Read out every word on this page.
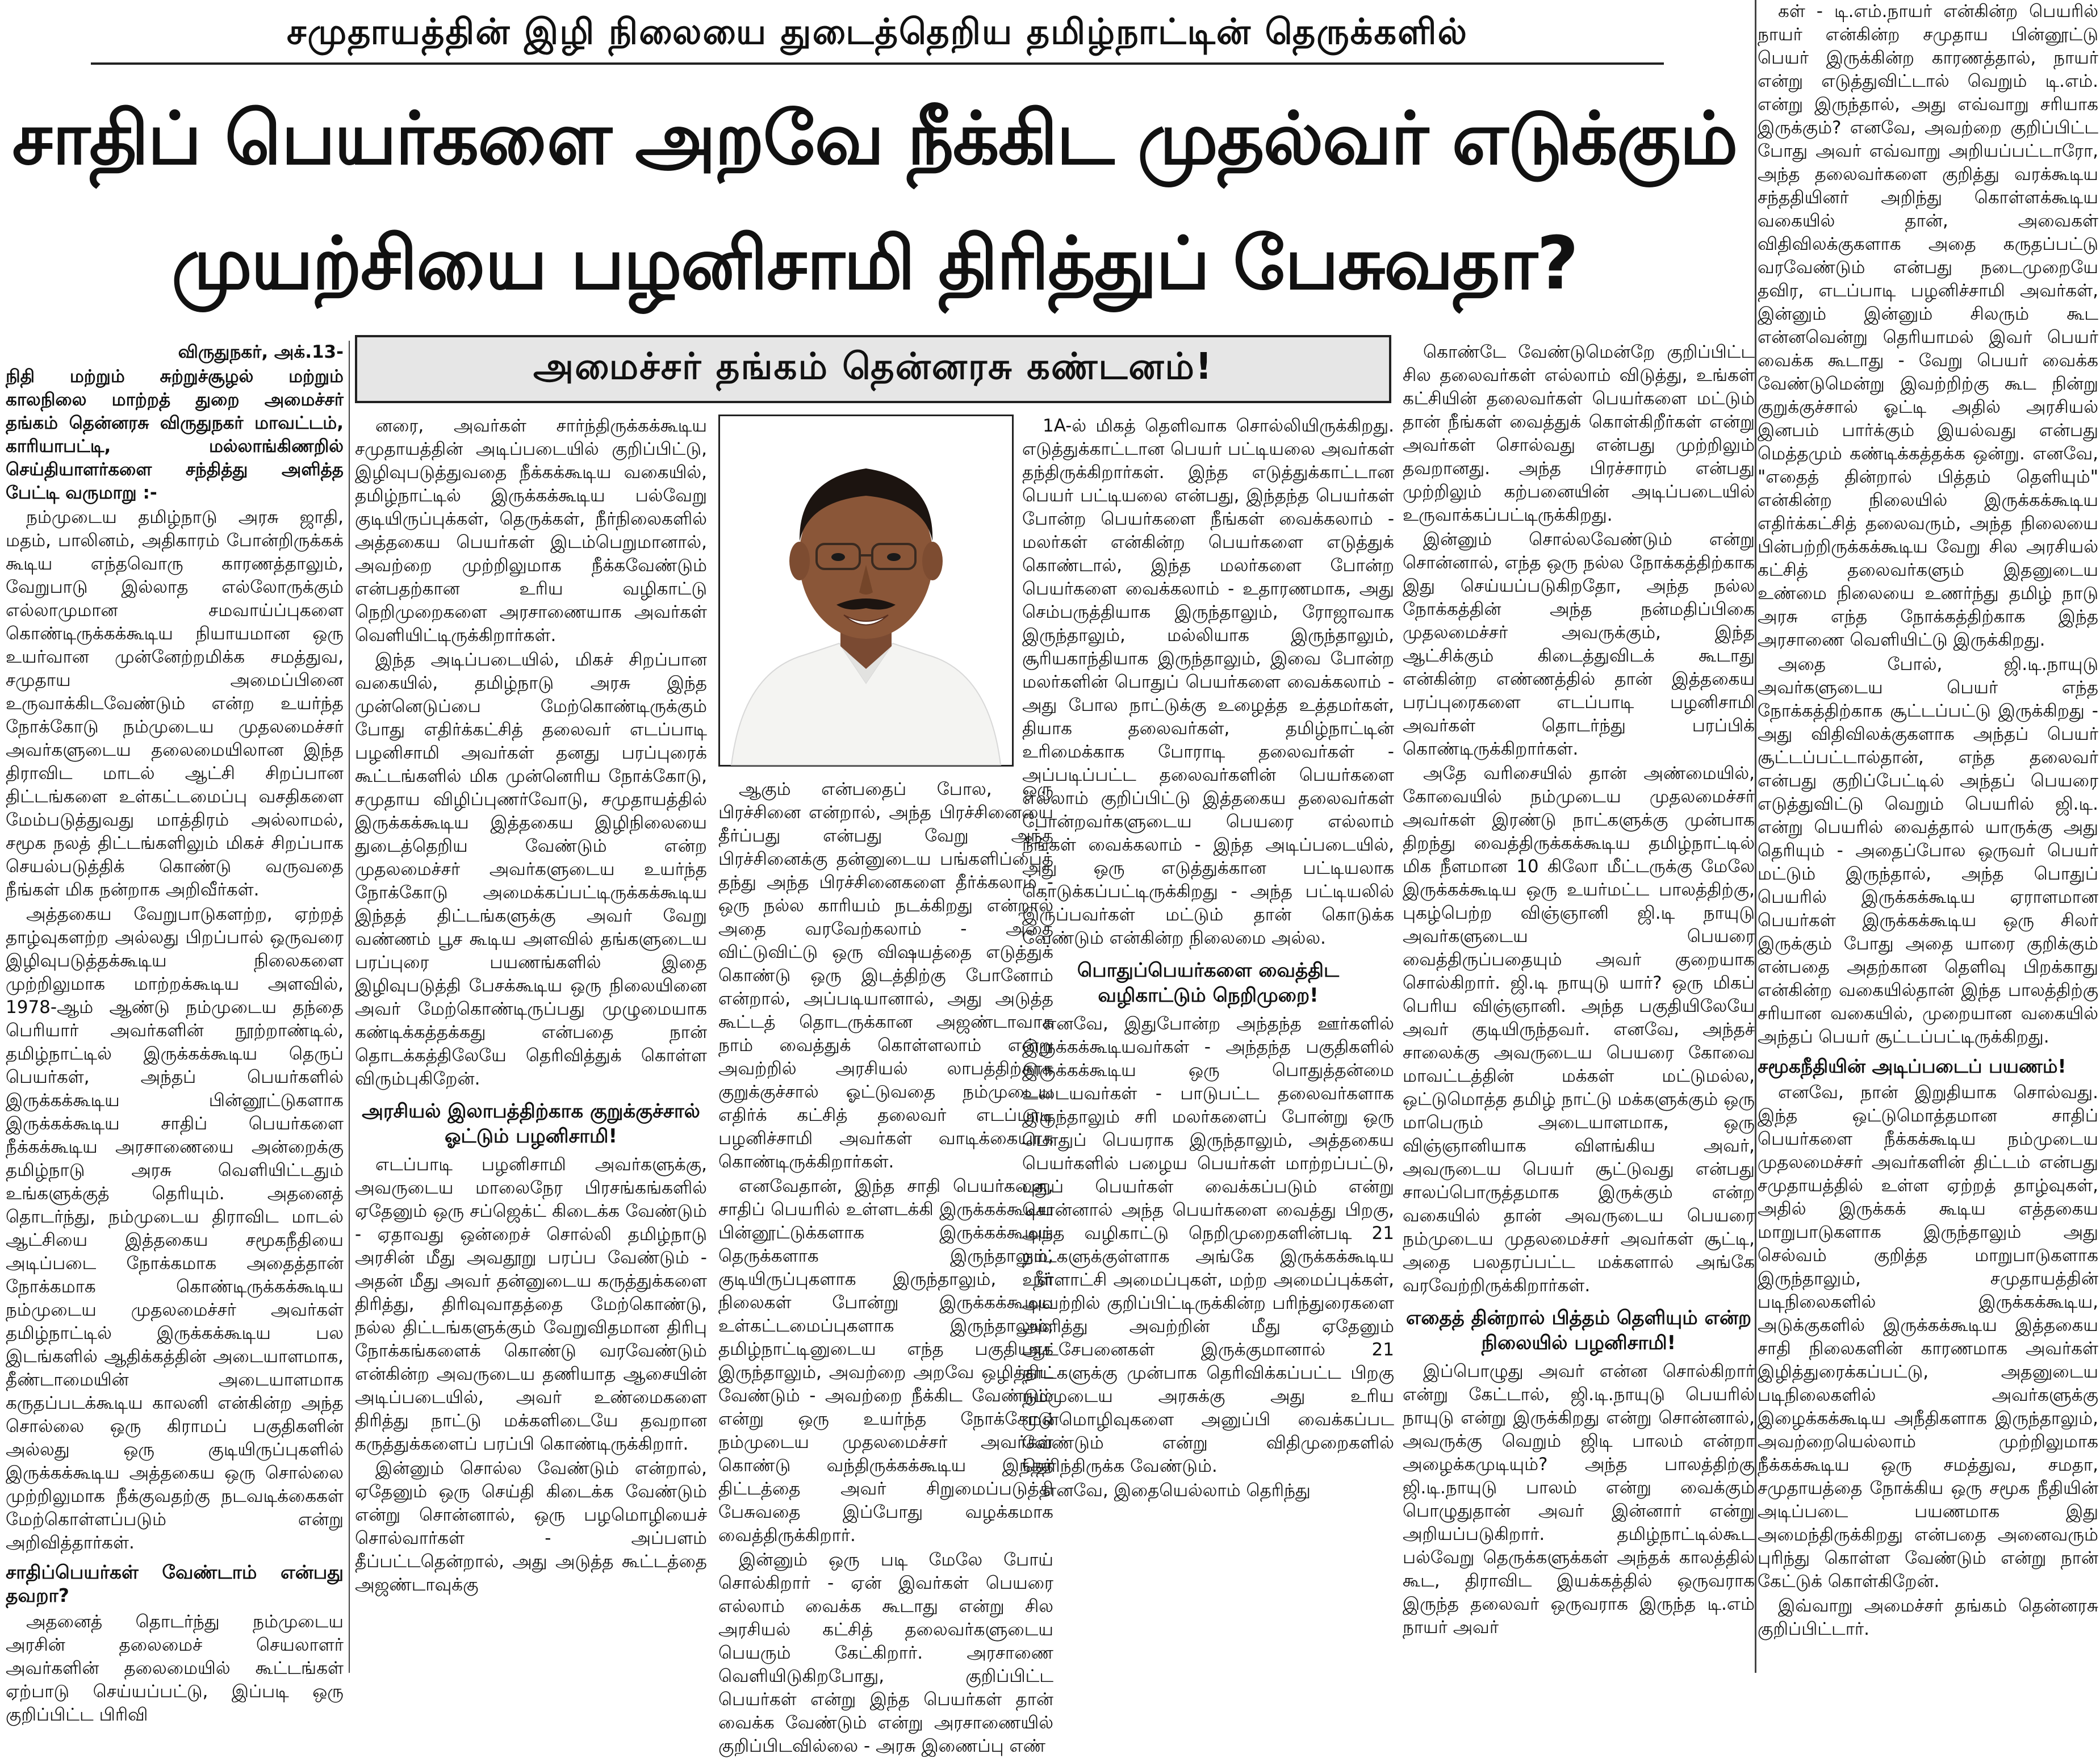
சமுதாயத்தின் இழி நிலையை துடைத்தெறிய தமிழ்நாட்டின் தெருக்களில்
சாதிப் பெயர்களை அறவே நீக்கிட முதல்வர் எடுக்கும்
முயற்சியை பழனிசாமி திரித்துப் பேசுவதா?
அமைச்சர் தங்கம் தென்னரசு கண்டனம்!

விருதுநகர், அக்.13-

நிதி மற்றும் சுற்றுச்சூழல் மற்றும் காலநிலை மாற்றத் துறை அமைச்சர் தங்கம் தென்னரசு விருதுநகர் மாவட்டம், காரியாபட்டி, மல்லாங்கிணறில் செய்தியாளர்களை சந்தித்து அளித்த பேட்டி வருமாறு :-

நம்முடைய தமிழ்நாடு அரசு ஜாதி, மதம், பாலினம், அதிகாரம் போன்றிருக்கக் கூடிய எந்தவொரு காரணத்தாலும், வேறுபாடு இல்லாத எல்லோருக்கும் எல்லாமுமான சமவாய்ப்புகளை கொண்டிருக்கக்கூடிய நியாயமான ஒரு உயர்வான முன்னேற்றமிக்க சமத்துவ, சமுதாய அமைப்பினை உருவாக்கிடவேண்டும் என்ற உயர்ந்த நோக்கோடு நம்முடைய முதலமைச்சர் அவர்களுடைய தலைமையிலான இந்த திராவிட மாடல் ஆட்சி சிறப்பான திட்டங்களை உள்கட்டமைப்பு வசதிகளை மேம்படுத்துவது மாத்திரம் அல்லாமல், சமூக நலத் திட்டங்களிலும் மிகச் சிறப்பாக செயல்படுத்திக் கொண்டு வருவதை நீங்கள் மிக நன்றாக அறிவீர்கள்.

அத்தகைய வேறுபாடுகளற்ற, ஏற்றத் தாழ்வுகளற்ற அல்லது பிறப்பால் ஒருவரை இழிவுபடுத்தக்கூடிய நிலைகளை முற்றிலுமாக மாற்றக்கூடிய அளவில், 1978-ஆம் ஆண்டு நம்முடைய தந்தை பெரியார் அவர்களின் நூற்றாண்டில், தமிழ்நாட்டில் இருக்கக்கூடிய தெருப் பெயர்கள், அந்தப் பெயர்களில் இருக்கக்கூடிய பின்னூட்டுகளாக இருக்கக்கூடிய சாதிப் பெயர்களை நீக்கக்கூடிய அரசாணையை அன்றைக்கு தமிழ்நாடு அரசு வெளியிட்டதும் உங்களுக்குத் தெரியும். அதனைத் தொடர்ந்து, நம்முடைய திராவிட மாடல் ஆட்சியை இத்தகைய சமூகநீதியை அடிப்படை நோக்கமாக அதைத்தான் நோக்கமாக கொண்டிருக்கக்கூடிய நம்முடைய முதலமைச்சர் அவர்கள் தமிழ்நாட்டில் இருக்கக்கூடிய பல இடங்களில் ஆதிக்கத்தின் அடையாளமாக, தீண்டாமையின் அடையாளமாக கருதப்படக்கூடிய காலனி என்கின்ற அந்த சொல்லை ஒரு கிராமப் பகுதிகளின் அல்லது ஒரு குடியிருப்புகளில் இருக்கக்கூடிய அத்தகைய ஒரு சொல்லை முற்றிலுமாக நீக்குவதற்கு நடவடிக்கைகள் மேற்கொள்ளப்படும் என்று அறிவித்தார்கள்.

சாதிப்பெயர்கள் வேண்டாம் என்பது தவறா?

அதனைத் தொடர்ந்து நம்முடைய அரசின் தலைமைச் செயலாளர் அவர்களின் தலைமையில் கூட்டங்கள் ஏற்பாடு செய்யப்பட்டு, இப்படி ஒரு குறிப்பிட்ட பிரிவி

னரை, அவர்கள் சார்ந்திருக்கக்கூடிய சமுதாயத்தின் அடிப்படையில் குறிப்பிட்டு, இழிவுபடுத்துவதை நீக்கக்கூடிய வகையில், தமிழ்நாட்டில் இருக்கக்கூடிய பல்வேறு குடியிருப்புக்கள், தெருக்கள், நீர்நிலைகளில் அத்தகைய பெயர்கள் இடம்பெறுமானால், அவற்றை முற்றிலுமாக நீக்கவேண்டும் என்பதற்கான உரிய வழிகாட்டு நெறிமுறைகளை அரசாணையாக அவர்கள் வெளியிட்டிருக்கிறார்கள்.

இந்த அடிப்படையில், மிகச் சிறப்பான வகையில், தமிழ்நாடு அரசு இந்த முன்னெடுப்பை மேற்கொண்டிருக்கும் போது எதிர்க்கட்சித் தலைவர் எடப்பாடி பழனிசாமி அவர்கள் தனது பரப்புரைக் கூட்டங்களில் மிக முன்னெரிய நோக்கோடு, சமுதாய விழிப்புணர்வோடு, சமுதாயத்தில் இருக்கக்கூடிய இத்தகைய இழிநிலையை துடைத்தெறிய வேண்டும் என்ற முதலமைச்சர் அவர்களுடைய உயர்ந்த நோக்கோடு அமைக்கப்பட்டிருக்கக்கூடிய இந்தத் திட்டங்களுக்கு அவர் வேறு வண்ணம் பூச கூடிய அளவில் தங்களுடைய பரப்புரை பயணங்களில் இதை இழிவுபடுத்தி பேசக்கூடிய ஒரு நிலையினை அவர் மேற்கொண்டிருப்பது முழுமையாக கண்டிக்கத்தக்கது என்பதை நான் தொடக்கத்திலேயே தெரிவித்துக் கொள்ள விரும்புகிறேன்.

அரசியல் இலாபத்திற்காக குறுக்குச்சால் ஓட்டும் பழனிசாமி!

எடப்பாடி பழனிசாமி அவர்களுக்கு, அவருடைய மாலைநேர பிரசங்கங்களில் ஏதேனும் ஒரு சப்ஜெக்ட் கிடைக்க வேண்டும் - ஏதாவது ஒன்றைச் சொல்லி தமிழ்நாடு அரசின் மீது அவதூறு பரப்ப வேண்டும் - அதன் மீது அவர் தன்னுடைய கருத்துக்களை திரித்து, திரிவுவாதத்தை மேற்கொண்டு, நல்ல திட்டங்களுக்கும் வேறுவிதமான திரிபு நோக்கங்களைக் கொண்டு வரவேண்டும் என்கின்ற அவருடைய தணியாத ஆசையின் அடிப்படையில், அவர் உண்மைகளை திரித்து நாட்டு மக்களிடையே தவறான கருத்துக்களைப் பரப்பி கொண்டிருக்கிறார்.

இன்னும் சொல்ல வேண்டும் என்றால், ஏதேனும் ஒரு செய்தி கிடைக்க வேண்டும் என்று சொன்னால், ஒரு பழமொழியைச் சொல்வார்கள் - அப்பளம் தீப்பட்டதென்றால், அது அடுத்த கூட்டத்தை அஜண்டாவுக்கு

ஆகும் என்பதைப் போல, ஒரு பிரச்சினை என்றால், அந்த பிரச்சினையை தீர்ப்பது என்பது வேறு அந்த பிரச்சினைக்கு தன்னுடைய பங்களிப்பைத் தந்து அந்த பிரச்சினைகளை தீர்க்கலாம் - ஒரு நல்ல காரியம் நடக்கிறது என்றால் அதை வரவேற்கலாம் - அதை விட்டுவிட்டு ஒரு விஷயத்தை எடுத்துக் கொண்டு ஒரு இடத்திற்கு போனோம் என்றால், அப்படியானால், அது அடுத்த கூட்டத் தொடருக்கான அஜண்டாவாக நாம் வைத்துக் கொள்ளலாம் என்று அவற்றில் அரசியல் லாபத்திற்காக குறுக்குச்சால் ஓட்டுவதை நம்முடைய எதிர்க் கட்சித் தலைவர் எடப்பாடி பழனிச்சாமி அவர்கள் வாடிக்கையாக கொண்டிருக்கிறார்கள்.

எனவேதான், இந்த சாதி பெயர்களை, சாதிப் பெயரில் உள்ளடக்கி இருக்கக்கூடிய பின்னூட்டுக்களாக இருக்கக்கூடிய தெருக்களாக இருந்தாலும், குடியிருப்புகளாக இருந்தாலும், நீர் நிலைகள் போன்று இருக்கக்கூடிய உள்கட்டமைப்புகளாக இருந்தாலும், தமிழ்நாட்டினுடைய எந்த பகுதியாக இருந்தாலும், அவற்றை அறவே ஒழித்திட வேண்டும் - அவற்றை நீக்கிட வேண்டும் என்று ஒரு உயர்ந்த நோக்கோடு நம்முடைய முதலமைச்சர் அவர்கள் கொண்டு வந்திருக்கக்கூடிய இந்தத் திட்டத்தை அவர் சிறுமைப்படுத்தி பேசுவதை இப்போது வழக்கமாக வைத்திருக்கிறார்.

இன்னும் ஒரு படி மேலே போய் சொல்கிறார் - ஏன் இவர்கள் பெயரை எல்லாம் வைக்க கூடாது என்று சில அரசியல் கட்சித் தலைவர்களுடைய பெயரும் கேட்கிறார். அரசாணை வெளியிடுகிறபோது, குறிப்பிட்ட பெயர்கள் என்று இந்த பெயர்கள் தான் வைக்க வேண்டும் என்று அரசாணையில் குறிப்பிடவில்லை - அரசு இணைப்பு எண்

1A-ல் மிகத் தெளிவாக சொல்லியிருக்கிறது. எடுத்துக்காட்டான பெயர் பட்டியலை அவர்கள் தந்திருக்கிறார்கள். இந்த எடுத்துக்காட்டான பெயர் பட்டியலை என்பது, இந்தந்த பெயர்கள் போன்ற பெயர்களை நீங்கள் வைக்கலாம் - மலர்கள் என்கின்ற பெயர்களை எடுத்துக் கொண்டால், இந்த மலர்களை போன்ற பெயர்களை வைக்கலாம் - உதாரணமாக, அது செம்பருத்தியாக இருந்தாலும், ரோஜாவாக இருந்தாலும், மல்லியாக இருந்தாலும், சூரியகாந்தியாக இருந்தாலும், இவை போன்ற மலர்களின் பொதுப் பெயர்களை வைக்கலாம் - அது போல நாட்டுக்கு உழைத்த உத்தமர்கள், தியாக தலைவர்கள், தமிழ்நாட்டின் உரிமைக்காக போராடி தலைவர்கள் - அப்படிப்பட்ட தலைவர்களின் பெயர்களை எல்லாம் குறிப்பிட்டு இத்தகைய தலைவர்கள் போன்றவர்களுடைய பெயரை எல்லாம் நீங்கள் வைக்கலாம் - இந்த அடிப்படையில், அது ஒரு எடுத்துக்கான பட்டியலாக கொடுக்கப்பட்டிருக்கிறது - அந்த பட்டியலில் இருப்பவர்கள் மட்டும் தான் கொடுக்க வேண்டும் என்கின்ற நிலைமை அல்ல.

பொதுப்பெயர்களை வைத்திட வழிகாட்டும் நெறிமுறை!

எனவே, இதுபோன்ற அந்தந்த ஊர்களில் இருக்கக்கூடியவர்கள் - அந்தந்த பகுதிகளில் இருக்கக்கூடிய ஒரு பொதுத்தன்மை உடையவர்கள் - பாடுபட்ட தலைவர்களாக இருந்தாலும் சரி மலர்களைப் போன்று ஒரு பொதுப் பெயராக இருந்தாலும், அத்தகைய பெயர்களில் பழைய பெயர்கள் மாற்றப்பட்டு, புதுப் பெயர்கள் வைக்கப்படும் என்று சொன்னால் அந்த பெயர்களை வைத்து பிறகு, அந்த வழிகாட்டு நெறிமுறைகளின்படி 21 நாட்களுக்குள்ளாக அங்கே இருக்கக்கூடிய உள்ளாட்சி அமைப்புகள், மற்ற அமைப்புக்கள், அவற்றில் குறிப்பிட்டிருக்கின்ற பரிந்துரைகளை அளித்து அவற்றின் மீது ஏதேனும் ஆட்சேபனைகள் இருக்குமானால் 21 நாட்களுக்கு முன்பாக தெரிவிக்கப்பட்ட பிறகு நம்முடைய அரசுக்கு அது உரிய முன்மொழிவுகளை அனுப்பி வைக்கப்பட வேண்டும் என்று விதிமுறைகளில் தெரிந்திருக்க வேண்டும்.

எனவே, இதையெல்லாம் தெரிந்து

கொண்டே வேண்டுமென்றே குறிப்பிட்ட சில தலைவர்கள் எல்லாம் விடுத்து, உங்கள் கட்சியின் தலைவர்கள் பெயர்களை மட்டும் தான் நீங்கள் வைத்துக் கொள்கிறீர்கள் என்று அவர்கள் சொல்வது என்பது முற்றிலும் தவறானது. அந்த பிரச்சாரம் என்பது முற்றிலும் கற்பனையின் அடிப்படையில் உருவாக்கப்பட்டிருக்கிறது.

இன்னும் சொல்லவேண்டும் என்று சொன்னால், எந்த ஒரு நல்ல நோக்கத்திற்காக இது செய்யப்படுகிறதோ, அந்த நல்ல நோக்கத்தின் அந்த நன்மதிப்பிகை முதலமைச்சர் அவருக்கும், இந்த ஆட்சிக்கும் கிடைத்துவிடக் கூடாது என்கின்ற எண்ணத்தில் தான் இத்தகைய பரப்புரைகளை எடப்பாடி பழனிசாமி அவர்கள் தொடர்ந்து பரப்பிக் கொண்டிருக்கிறார்கள்.

அதே வரிசையில் தான் அண்மையில், கோவையில் நம்முடைய முதலமைச்சர் அவர்கள் இரண்டு நாட்களுக்கு முன்பாக திறந்து வைத்திருக்கக்கூடிய தமிழ்நாட்டில் மிக நீளமான 10 கிலோ மீட்டருக்கு மேலே இருக்கக்கூடிய ஒரு உயர்மட்ட பாலத்திற்கு, புகழ்பெற்ற விஞ்ஞானி ஜி.டி நாயுடு அவர்களுடைய பெயரை வைத்திருப்பதையும் அவர் குறையாக சொல்கிறார். ஜி.டி நாயுடு யார்? ஒரு மிகப் பெரிய விஞ்ஞானி. அந்த பகுதியிலேயே அவர் குடியிருந்தவர். எனவே, அந்தச் சாலைக்கு அவருடைய பெயரை கோவை மாவட்டத்தின் மக்கள் மட்டுமல்ல, ஒட்டுமொத்த தமிழ் நாட்டு மக்களுக்கும் ஒரு மாபெரும் அடையாளமாக, ஒரு விஞ்ஞானியாக விளங்கிய அவர், அவருடைய பெயர் சூட்டுவது என்பது சாலப்பொருத்தமாக இருக்கும் என்ற வகையில் தான் அவருடைய பெயரை நம்முடைய முதலமைச்சர் அவர்கள் சூட்டி, அதை பலதரப்பட்ட மக்களால் அங்கே வரவேற்றிருக்கிறார்கள்.

எதைத் தின்றால் பித்தம் தெளியும் என்ற நிலையில் பழனிசாமி!

இப்பொழுது அவர் என்ன சொல்கிறார் என்று கேட்டால், ஜி.டி.நாயுடு பெயரில் நாயுடு என்று இருக்கிறது என்று சொன்னால், அவருக்கு வெறும் ஜிடி பாலம் என்றா அழைக்கமுடியும்? அந்த பாலத்திற்கு ஜி.டி.நாயுடு பாலம் என்று வைக்கும் பொழுதுதான் அவர் இன்னார் என்று அறியப்படுகிறார். தமிழ்நாட்டில்கூட பல்வேறு தெருக்களுக்கள் அந்தக் காலத்தில் கூட, திராவிட இயக்கத்தில் ஒருவராக இருந்த தலைவர் ஒருவராக இருந்த டி.எம் நாயர் அவர்

கள் - டி.எம்.நாயர் என்கின்ற பெயரில் நாயர் என்கின்ற சமுதாய பின்னூட்டு பெயர் இருக்கின்ற காரணத்தால், நாயர் என்று எடுத்துவிட்டால் வெறும் டி.எம். என்று இருந்தால், அது எவ்வாறு சரியாக இருக்கும்? எனவே, அவற்றை குறிப்பிட்ட போது அவர் எவ்வாறு அறியப்பட்டாரோ, அந்த தலைவர்களை குறித்து வரக்கூடிய சந்ததியினர் அறிந்து கொள்ளக்கூடிய வகையில் தான், அவைகள் விதிவிலக்குகளாக அதை கருதப்பட்டு வரவேண்டும் என்பது நடைமுறையே தவிர, எடப்பாடி பழனிச்சாமி அவர்கள், இன்னும் இன்னும் சிலரும் கூட என்னவென்று தெரியாமல் இவர் பெயர் வைக்க கூடாது - வேறு பெயர் வைக்க வேண்டுமென்று இவற்றிற்கு கூட நின்று குறுக்குச்சால் ஓட்டி அதில் அரசியல் இனபம் பார்க்கும் இயல்வது என்பது மெத்தமும் கண்டிக்கத்தக்க ஒன்று. எனவே, "எதைத் தின்றால் பித்தம் தெளியும்" என்கின்ற நிலையில் இருக்கக்கூடிய எதிர்க்கட்சித் தலைவரும், அந்த நிலையை பின்பற்றிருக்கக்கூடிய வேறு சில அரசியல் கட்சித் தலைவர்களும் இதனுடைய உண்மை நிலையை உணர்ந்து தமிழ் நாடு அரசு எந்த நோக்கத்திற்காக இந்த அரசாணை வெளியிட்டு இருக்கிறது.

அதை போல், ஜி.டி.நாயுடு அவர்களுடைய பெயர் எந்த நோக்கத்திற்காக சூட்டப்பட்டு இருக்கிறது - அது விதிவிலக்குகளாக அந்தப் பெயர் சூட்டப்பட்டால்தான், எந்த தலைவர் என்பது குறிப்பேட்டில் அந்தப் பெயரை எடுத்துவிட்டு வெறும் பெயரில் ஜி.டி. என்று பெயரில் வைத்தால் யாருக்கு அது தெரியும் - அதைப்போல ஒருவர் பெயர் மட்டும் இருந்தால், அந்த பொதுப் பெயரில் இருக்கக்கூடிய ஏராளமான பெயர்கள் இருக்கக்கூடிய ஒரு சிலர் இருக்கும் போது அதை யாரை குறிக்கும் என்பதை அதற்கான தெளிவு பிறக்காது என்கின்ற வகையில்தான் இந்த பாலத்திற்கு சரியான வகையில், முறையான வகையில் அந்தப் பெயர் சூட்டப்பட்டிருக்கிறது.

சமூகநீதியின் அடிப்படைப் பயணம்!

எனவே, நான் இறுதியாக சொல்வது. இந்த ஒட்டுமொத்தமான சாதிப் பெயர்களை நீக்கக்கூடிய நம்முடைய முதலமைச்சர் அவர்களின் திட்டம் என்பது சமுதாயத்தில் உள்ள ஏற்றத் தாழ்வுகள், அதில் இருக்கக் கூடிய எத்தகைய மாறுபாடுகளாக இருந்தாலும் அது செல்வம் குறித்த மாறுபாடுகளாக இருந்தாலும், சமுதாயத்தின் படிநிலைகளில் இருக்கக்கூடிய, அடுக்குகளில் இருக்கக்கூடிய இத்தகைய சாதி நிலைகளின் காரணமாக அவர்கள் இழித்துரைக்கப்பட்டு, அதனுடைய படிநிலைகளில் அவர்களுக்கு இழைக்கக்கூடிய அநீதிகளாக இருந்தாலும், அவற்றையெல்லாம் முற்றிலுமாக நீக்கக்கூடிய ஒரு சமத்துவ, சமதா, சமுதாயத்தை நோக்கிய ஒரு சமூக நீதியின் அடிப்படை பயணமாக இது அமைந்திருக்கிறது என்பதை அனைவரும் புரிந்து கொள்ள வேண்டும் என்று நான் கேட்டுக் கொள்கிறேன்.

இவ்வாறு அமைச்சர் தங்கம் தென்னரசு குறிப்பிட்டார்.
